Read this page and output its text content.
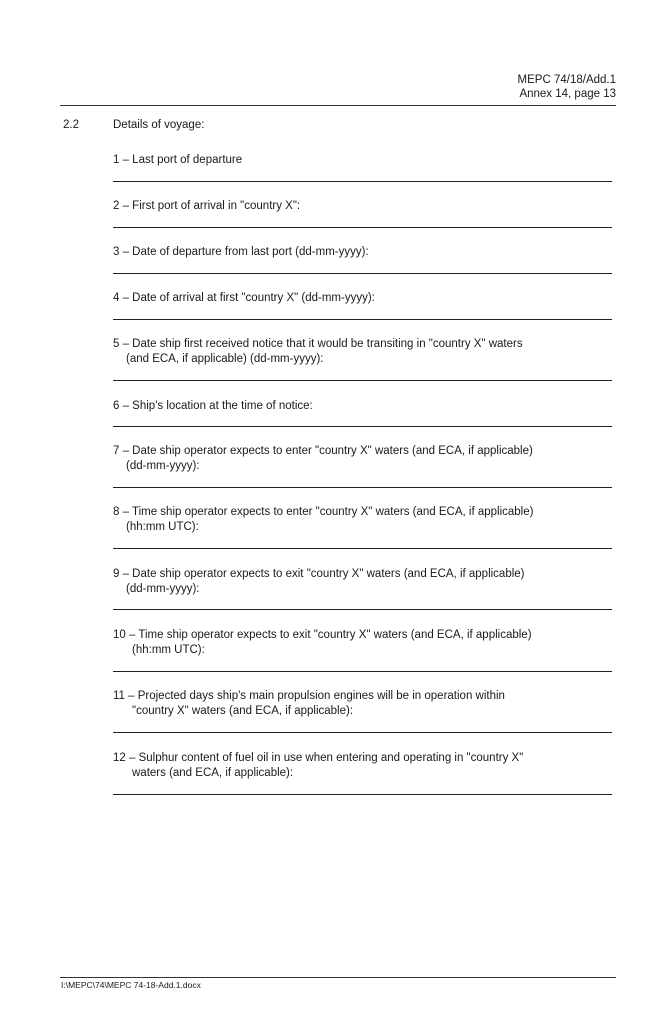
MEPC 74/18/Add.1
Annex 14, page 13
2.2	Details of voyage:
1 – Last port of departure
2 – First port of arrival in "country X":
3 – Date of departure from last port (dd-mm-yyyy):
4 – Date of arrival at first "country X" (dd-mm-yyyy):
5 – Date ship first received notice that it would be transiting in "country X" waters
(and ECA, if applicable) (dd-mm-yyyy):
6 – Ship's location at the time of notice:
7 – Date ship operator expects to enter "country X" waters (and ECA, if applicable)
(dd-mm-yyyy):
8 – Time ship operator expects to enter "country X" waters (and ECA, if applicable)
(hh:mm UTC):
9 – Date ship operator expects to exit "country X" waters (and ECA, if applicable)
(dd-mm-yyyy):
10 – Time ship operator expects to exit "country X" waters (and ECA, if applicable)
(hh:mm UTC):
11 – Projected days ship's main propulsion engines will be in operation within
"country X" waters (and ECA, if applicable):
12 – Sulphur content of fuel oil in use when entering and operating in "country X"
waters (and ECA, if applicable):
I:\MEPC\74\MEPC 74-18-Add.1.docx
